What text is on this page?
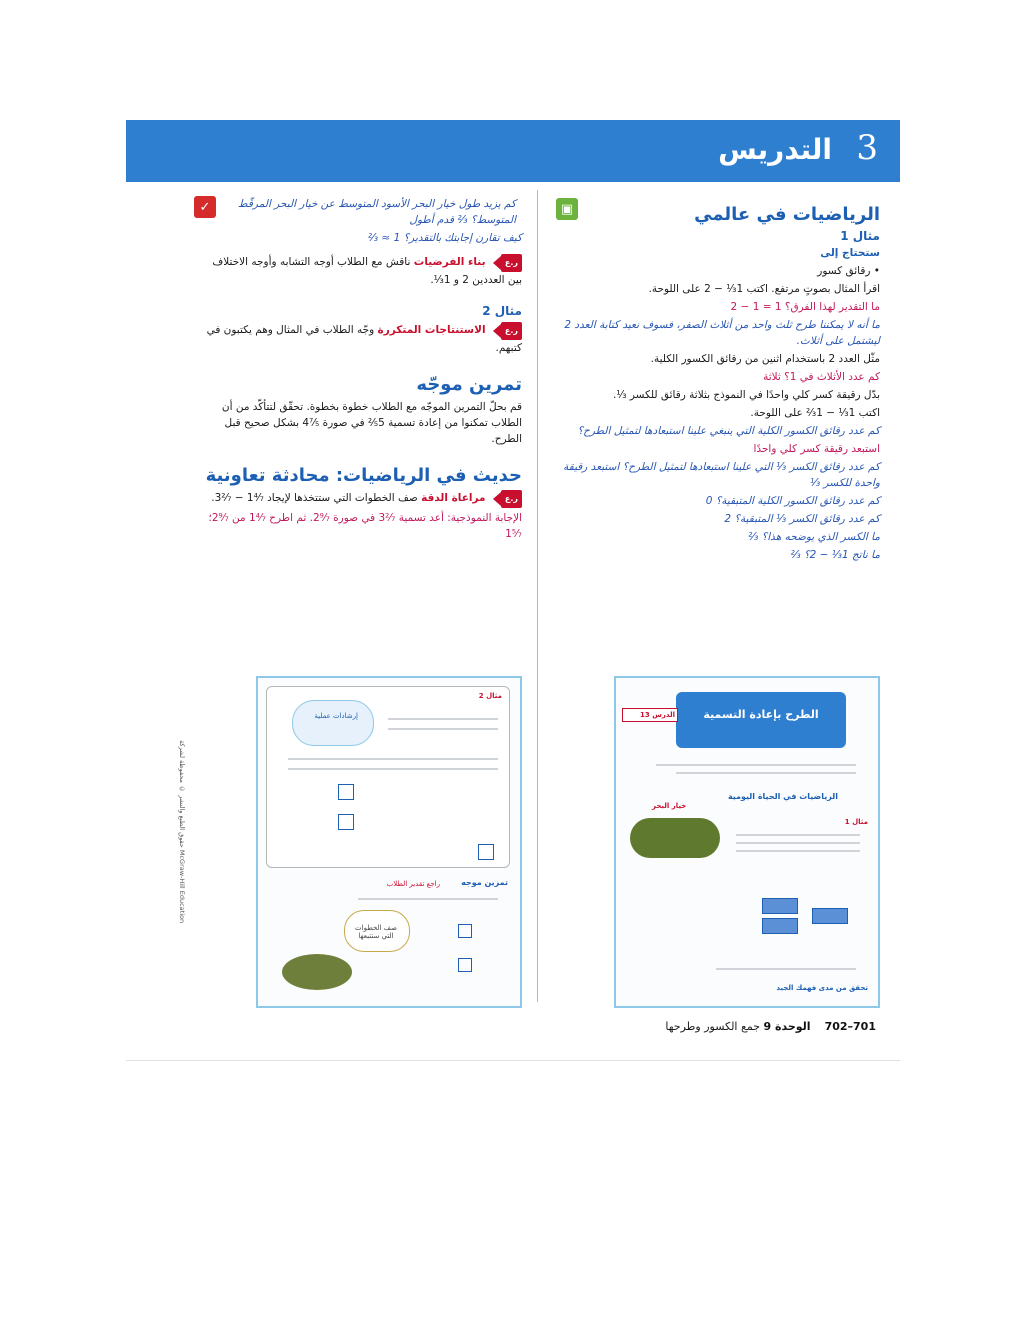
التدريس 3
▣
✓	الرياضيات في عالمي
مثال 1
ستحتاج إلى
• رقائق كسور
اقرأ المثال بصوتٍ مرتفع. اكتب 1⅓ − 2 على اللوحة.
ما التقدير لهذا الفرق؟ 1 = 1 − 2
ما أنه لا يمكننا طرح ثلث واحد من أثلاث الصفر، فسوف نعيد كتابة العدد 2 ليشتمل على أثلاث.
مثّل العدد 2 باستخدام اثنين من رقائق الكسور الكلية.
كم عدد الأثلاث في 1؟ ثلاثة
بدّل رقيقة كسر كلي واحدًا في النموذج بثلاثة رقائق للكسر ⅓.
اكتب 1⅓ − 1⅔ على اللوحة.
كم عدد رقائق الكسور الكلية التي ينبغي علينا استبعادها لتمثيل الطرح؟
استبعد رقيقة كسر كلي واحدًا
كم عدد رقائق الكسر ⅓ التي علينا استبعادها لتمثيل الطرح؟ استبعد رقيقة واحدة للكسر ⅓
كم عدد رقائق الكسور الكلية المتبقية؟ 0
كم عدد رقائق الكسر ⅓ المتبقية؟ 2
ما الكسر الذي يوضحه هذا؟ ⅔
ما ناتج 1⅓ − 2؟ ⅔
كم يزيد طول خيار البحر الأسود المتوسط عن خيار البحر المرقّط المتوسط؟ ⅔ قدم أطول
كيف تقارن إجابتك بالتقدير؟ 1 ≈ ⅔
ر.ع
بناء الفرضيات ناقش مع الطلاب أوجه التشابه وأوجه الاختلاف بين العددين 2 و 1⅓.
مثال 2
ر.ع
الاستنتاجات المتكررة وجّه الطلاب في المثال وهم يكتبون في كتبهم.
تمرين موجّه
قم بحلّ التمرين الموجّه مع الطلاب خطوة بخطوة. تحقّق لتتأكّد من أن الطلاب تمكنوا من إعادة تسمية 5⅖ في صورة 4⁷⁄₅ بشكل صحيح قبل الطرح.
حديث في الرياضيات: محادثة تعاونية
ر.ع
مراعاة الدقة صف الخطوات التي ستتخذها لإيجاد 1⁴⁄₇ − 3²⁄₇.
الإجابة النموذجية: أعد تسمية 3²⁄₇ في صورة 2⁹⁄₇. ثم اطرح 1⁴⁄₇ من 2⁹⁄₇؛ 1⁵⁄₇
الطرح بإعادة التسمية
الدرس 13
الرياضيات في الحياة اليومية
خيار البحر
مثال 1
تحقق من مدى فهمك الجيد
مثال 2
إرشادات عملية
تمرين موجه
راجع تقدير الطلاب
صف الخطوات التي ستتبعها
حقوق الطبع والنشر © محفوظة لشركة McGraw-Hill Education
701–702    الوحدة 9 جمع الكسور وطرحها
